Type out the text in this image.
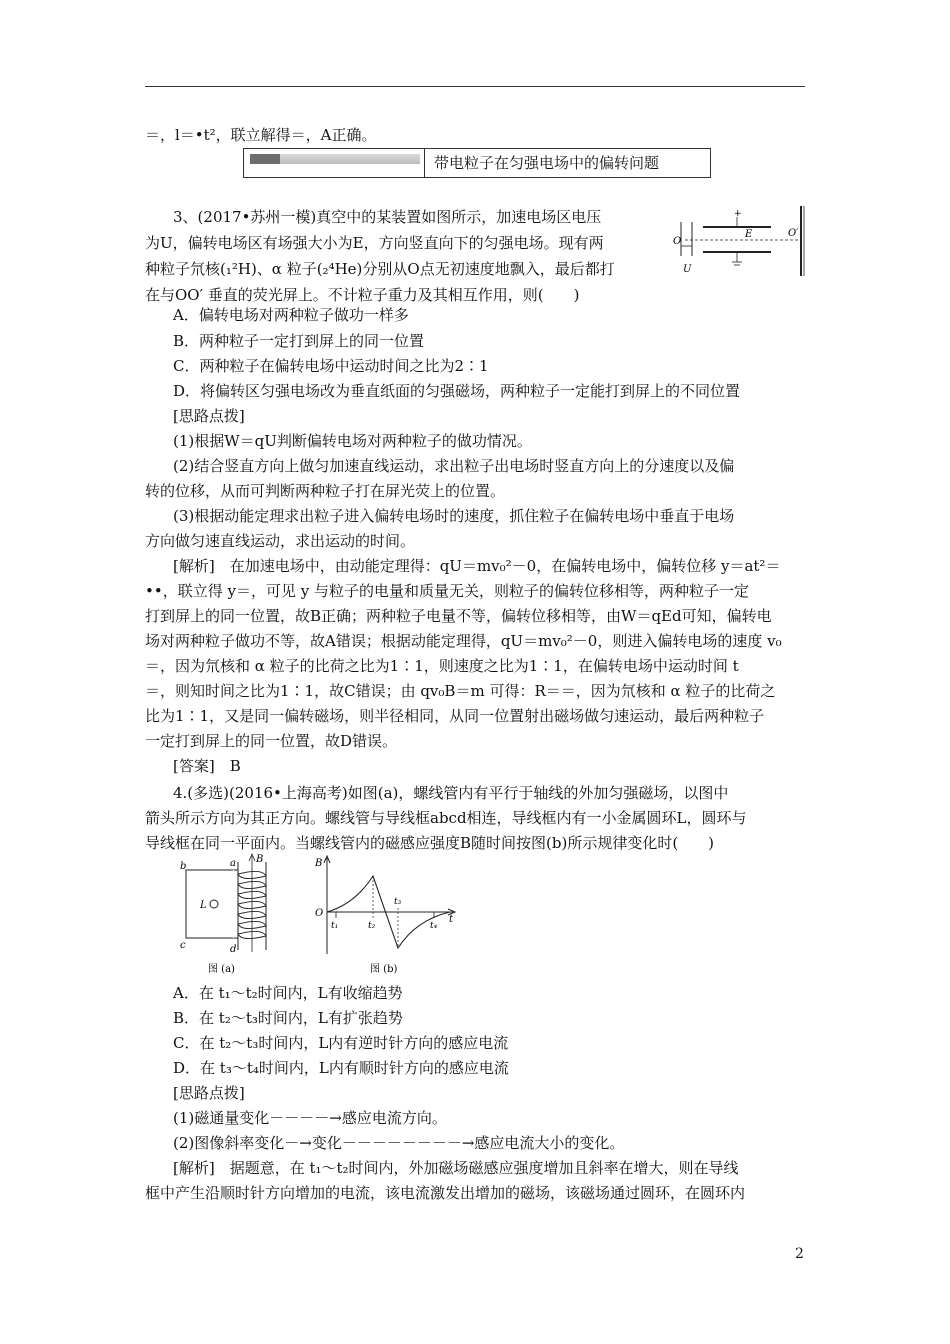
＝，l＝•t²，联立解得＝，A正确。
带电粒子在匀强电场中的偏转问题
3、(2017•苏州一模)真空中的某装置如图所示，加速电场区电压
为U，偏转电场区有场强大小为E，方向竖直向下的匀强电场。现有两
种粒子氘核(₁²H)、α 粒子(₂⁴He)分别从O点无初速度地飘入，最后都打
在与OO′ 垂直的荧光屏上。不计粒子重力及其相互作用，则(　　)
+
O
O′
E
U
A．偏转电场对两种粒子做功一样多
B．两种粒子一定打到屏上的同一位置
C．两种粒子在偏转电场中运动时间之比为2∶1
D．将偏转区匀强电场改为垂直纸面的匀强磁场，两种粒子一定能打到屏上的不同位置
[思路点拨]
(1)根据W＝qU判断偏转电场对两种粒子的做功情况。
(2)结合竖直方向上做匀加速直线运动，求出粒子出电场时竖直方向上的分速度以及偏
转的位移，从而可判断两种粒子打在屏光荧上的位置。
(3)根据动能定理求出粒子进入偏转电场时的速度，抓住粒子在偏转电场中垂直于电场
方向做匀速直线运动，求出运动的时间。
[解析]　在加速电场中，由动能定理得：qU＝mv₀²－0，在偏转电场中，偏转位移 y＝at²＝
••，联立得 y＝，可见 y 与粒子的电量和质量无关，则粒子的偏转位移相等，两种粒子一定
打到屏上的同一位置，故B正确；两种粒子电量不等，偏转位移相等，由W＝qEd可知，偏转电
场对两种粒子做功不等，故A错误；根据动能定理得，qU＝mv₀²－0，则进入偏转电场的速度 v₀
＝，因为氘核和 α 粒子的比荷之比为1∶1，则速度之比为1∶1，在偏转电场中运动时间 t
＝，则知时间之比为1∶1，故C错误；由 qv₀B＝m 可得：R＝＝，因为氘核和 α 粒子的比荷之
比为1∶1，又是同一偏转磁场，则半径相同，从同一位置射出磁场做匀速运动，最后两种粒子
一定打到屏上的同一位置，故D错误。
[答案]　B
4.(多选)(2016•上海高考)如图(a)，螺线管内有平行于轴线的外加匀强磁场，以图中
箭头所示方向为其正方向。螺线管与导线框abcd相连，导线框内有一小金属圆环L，圆环与
导线框在同一平面内。当螺线管内的磁感应强度B随时间按图(b)所示规律变化时(　　)
a
b
c	d
B
L
图 (a)
B
O
t
t₁	t₂
t₃
t₄
图 (b)
A．在 t₁～t₂时间内，L有收缩趋势
B．在 t₂～t₃时间内，L有扩张趋势
C．在 t₂～t₃时间内，L内有逆时针方向的感应电流
D．在 t₃～t₄时间内，L内有顺时针方向的感应电流
[思路点拨]
(1)磁通量变化－－－－→感应电流方向。
(2)图像斜率变化－→变化－－－－－－－－→感应电流大小的变化。
[解析]　据题意，在 t₁～t₂时间内，外加磁场磁感应强度增加且斜率在增大，则在导线
框中产生沿顺时针方向增加的电流，该电流激发出增加的磁场，该磁场通过圆环，在圆环内
2
